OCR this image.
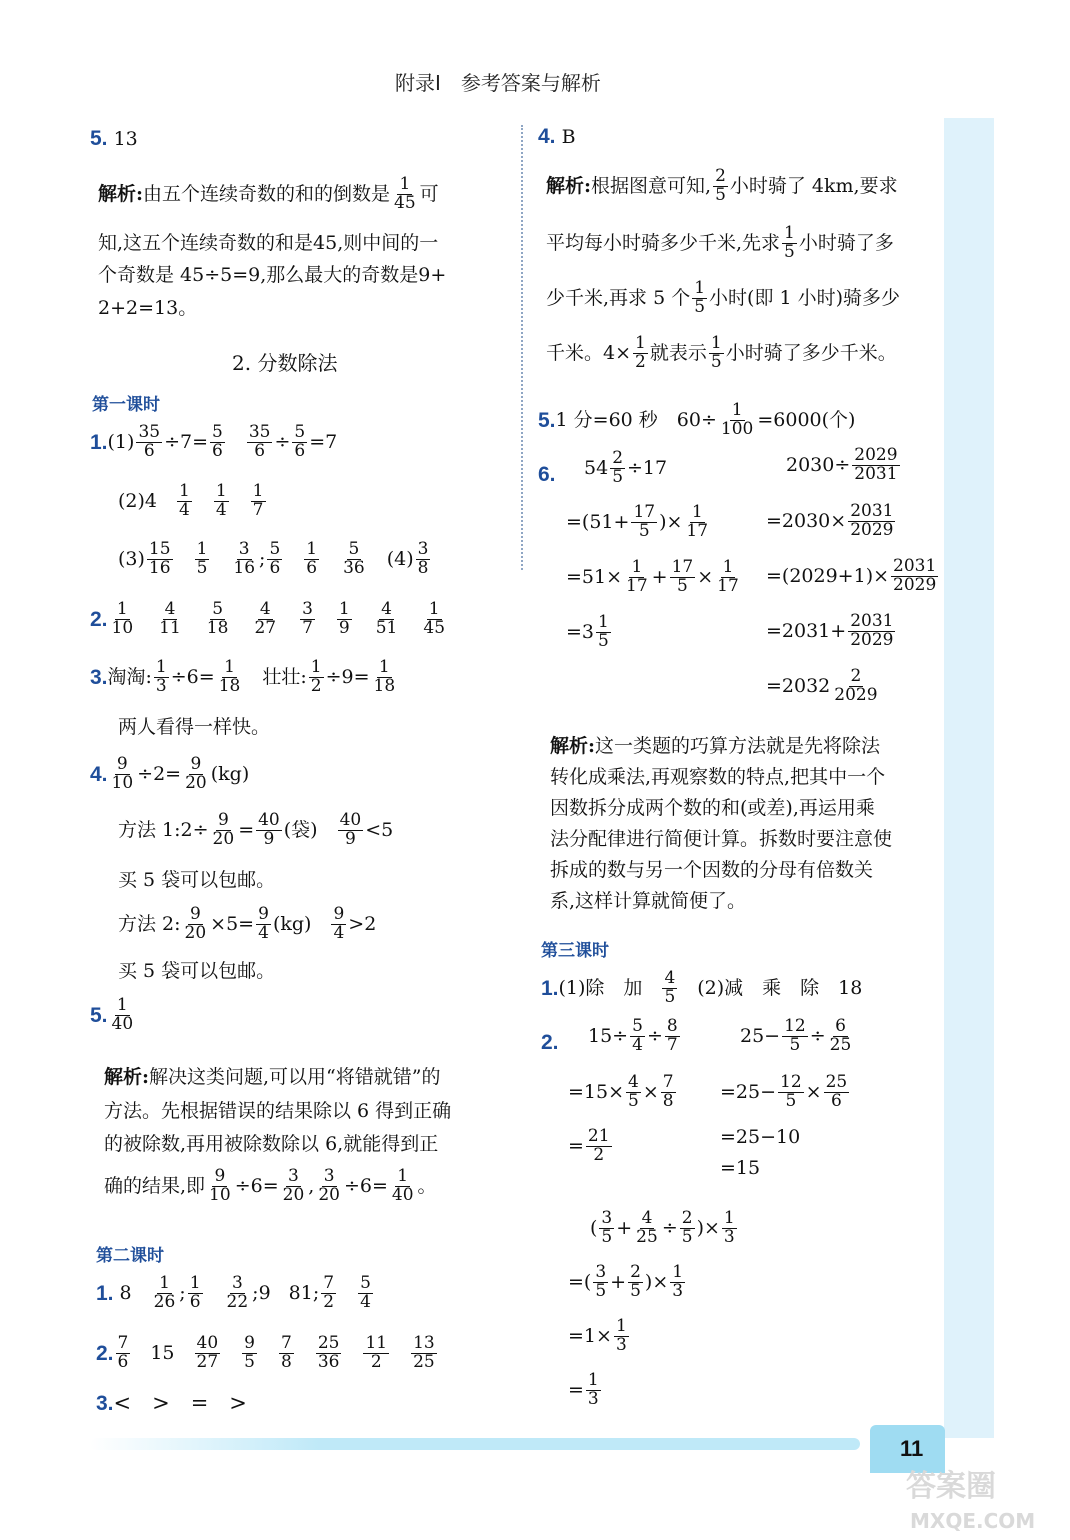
附录Ⅰ　参考答案与解析
5. 13
解析: 由五个连续奇数的和的倒数是 $\frac{1}{45}$ 可
知,这五个连续奇数的和是45,则中间的一
个奇数是 45÷5=9,那么最大的奇数是9+
2+2=13。
2. 分数除法
第一课时
1. $(1) \frac{35}{6} \div 7= \frac{5}{6} \frac{35}{6} \div \frac{5}{6} =7$
$(2)4 \frac{1}{4} \frac{1}{4} \frac{1}{7}$
$(3) \frac{15}{16} \frac{1}{5} \frac{3}{16}$ ; $\frac{5}{6} \frac{1}{6} \frac{5}{36} (4) \frac{3}{8}$
2. $\frac{1}{10} \frac{4}{11} \frac{5}{18} \frac{4}{27} \frac{3}{7} \frac{1}{9} \frac{4}{51} \frac{1}{45}$
3. 淘淘: $\frac{1}{3} \div 6= \frac{1}{18}$ 壮壮: $\frac{1}{2} \div 9= \frac{1}{18}$
两人看得一样快。
4. $\frac{9}{10} \div 2= \frac{9}{20} (kg)$
方法 1:2÷ $\frac{9}{20} = \frac{40}{9}$ (袋) $\frac{40}{9} <5$
买 5 袋可以包邮。
方法 2: $\frac{9}{20} \times 5= \frac{9}{4} (kg) \frac{9}{4} >2$
买 5 袋可以包邮。
5. $\frac{1}{40}$
解析:解决这类问题,可以用“将错就错”的
方法。先根据错误的结果除以 6 得到正确
的被除数,再用被除数除以 6,就能得到正
确的结果,即 $\frac{9}{10} \div 6= \frac{3}{20}$ , $\frac{3}{20} \div 6= \frac{1}{40}$ 。
第二课时
1. $8 \frac{1}{26}$ ; $\frac{1}{6} \frac{3}{22}$ ;9 81; $\frac{7}{2} \frac{5}{4}$
2. $\frac{7}{6} 15 \frac{40}{27} \frac{9}{5} \frac{7}{8} \frac{25}{36} \frac{11}{2} \frac{13}{25}$
3.<　>　=　>
4. B
解析: 根据图意可知, $\frac{2}{5}$ 小时骑了 4km,要求
平均每小时骑多少千米,先求 $\frac{1}{5}$ 小时骑了多
少千米,再求 5 个 $\frac{1}{5}$ 小时(即 1 小时)骑多少
千米。$4\times \frac{1}{2}$ 就表示 $\frac{1}{5}$ 小时骑了多少千米。
5. 1 分=60 秒　$60\div \frac{1}{100} =6000$(个)
6. $54 \frac{2}{5} \div 17$
$=(51+ \frac{17}{5}$ )× $\frac{1}{17}$
$=51\times \frac{1}{17} + \frac{17}{5} \times \frac{1}{17}$
$=3 \frac{1}{5}$
$2030\div \frac{2029}{2031}$
$=2030\times \frac{2031}{2029}$
$=(2029+1)\times \frac{2031}{2029}$
$=2031+ \frac{2031}{2029}$
$=2032 \frac{2}{2029}$
解析:这一类题的巧算方法就是先将除法
转化成乘法,再观察数的特点,把其中一个
因数拆分成两个数的和(或差),再运用乘
法分配律进行简便计算。拆数时要注意使
拆成的数与另一个因数的分母有倍数关
系,这样计算就简便了。
第三课时
1. (1)除　加 $\frac{4}{5} (2)$减　乘　除　18
2. $15\div \frac{5}{4} \div \frac{8}{7}$
$=15\times \frac{4}{5} \times \frac{7}{8}$
= $\frac{21}{2}$
$25- \frac{12}{5} \div \frac{6}{25}$
$=25- \frac{12}{5} \times \frac{25}{6}$
=25−10
=15
( $\frac{3}{5} + \frac{4}{25} \div \frac{2}{5}$ )× $\frac{1}{3}$
=( $\frac{3}{5} + \frac{2}{5}$ )× $\frac{1}{3}$
$=1\times \frac{1}{3}$
= $\frac{1}{3}$
11
答案圈
MXQE.COM
